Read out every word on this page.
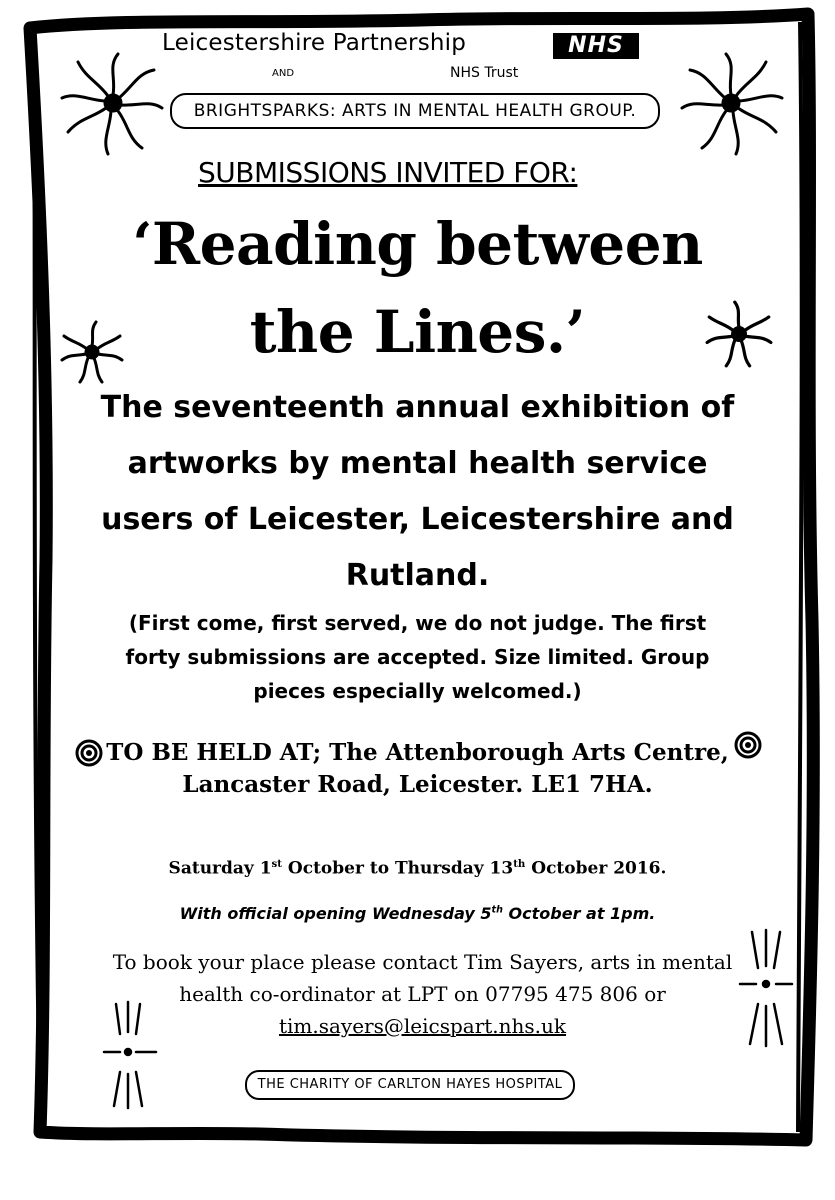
Leicestershire Partnership	NHS
AND	NHS Trust
BRIGHTSPARKS: ARTS IN MENTAL HEALTH GROUP.
SUBMISSIONS INVITED FOR:
‘Reading between
the Lines.’
The seventeenth annual exhibition of artworks by mental health service users of Leicester, Leicestershire and Rutland.
(First come, first served, we do not judge. The first forty submissions are accepted. Size limited. Group pieces especially welcomed.)
TO BE HELD AT; The Attenborough Arts Centre, Lancaster Road, Leicester. LE1 7HA.
Saturday 1st October to Thursday 13th October 2016.
With official opening Wednesday 5th October at 1pm.
To book your place please contact Tim Sayers, arts in mental health co-ordinator at LPT on 07795 475 806 or
tim.sayers@leicspart.nhs.uk
THE CHARITY OF CARLTON HAYES HOSPITAL
